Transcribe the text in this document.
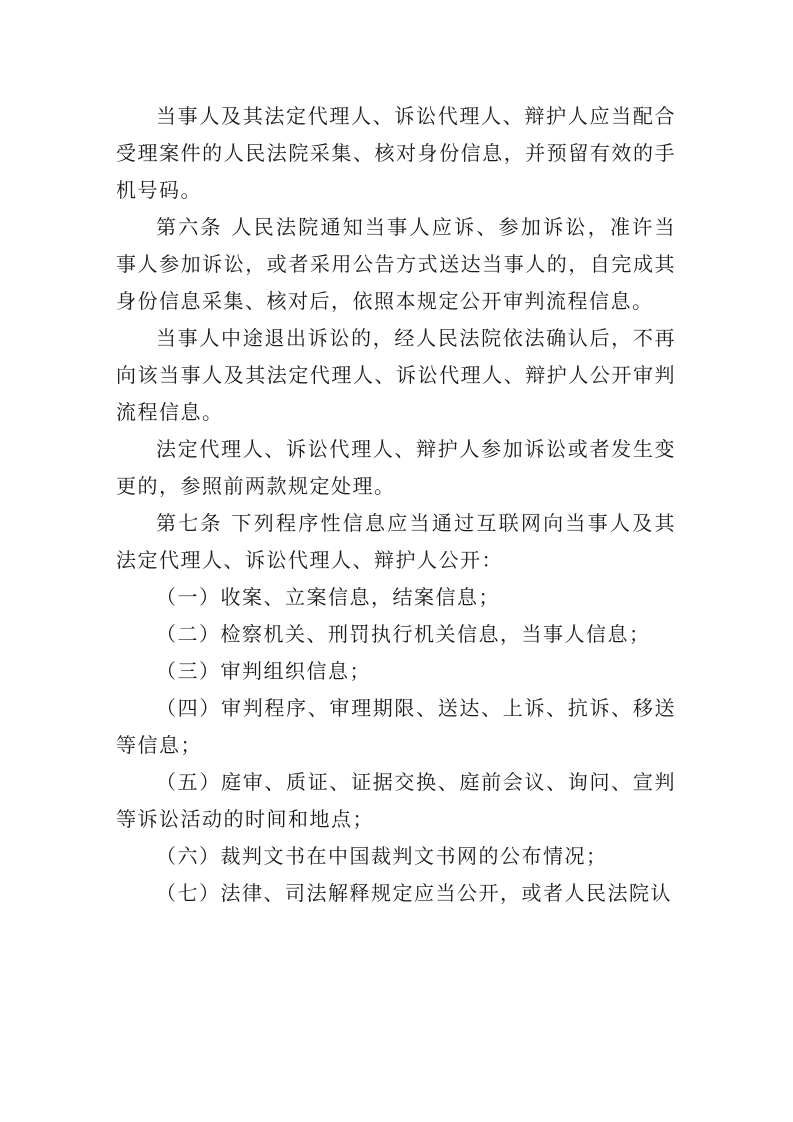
当事人及其法定代理人、诉讼代理人、辩护人应当配合受理案件的人民法院采集、核对身份信息，并预留有效的手机号码。

第六条 人民法院通知当事人应诉、参加诉讼，准许当事人参加诉讼，或者采用公告方式送达当事人的，自完成其身份信息采集、核对后，依照本规定公开审判流程信息。

当事人中途退出诉讼的，经人民法院依法确认后，不再向该当事人及其法定代理人、诉讼代理人、辩护人公开审判流程信息。

法定代理人、诉讼代理人、辩护人参加诉讼或者发生变更的，参照前两款规定处理。

第七条 下列程序性信息应当通过互联网向当事人及其法定代理人、诉讼代理人、辩护人公开：

（一）收案、立案信息，结案信息；

（二）检察机关、刑罚执行机关信息，当事人信息；

（三）审判组织信息；

（四）审判程序、审理期限、送达、上诉、抗诉、移送等信息；

（五）庭审、质证、证据交换、庭前会议、询问、宣判等诉讼活动的时间和地点；

（六）裁判文书在中国裁判文书网的公布情况；

（七）法律、司法解释规定应当公开，或者人民法院认
